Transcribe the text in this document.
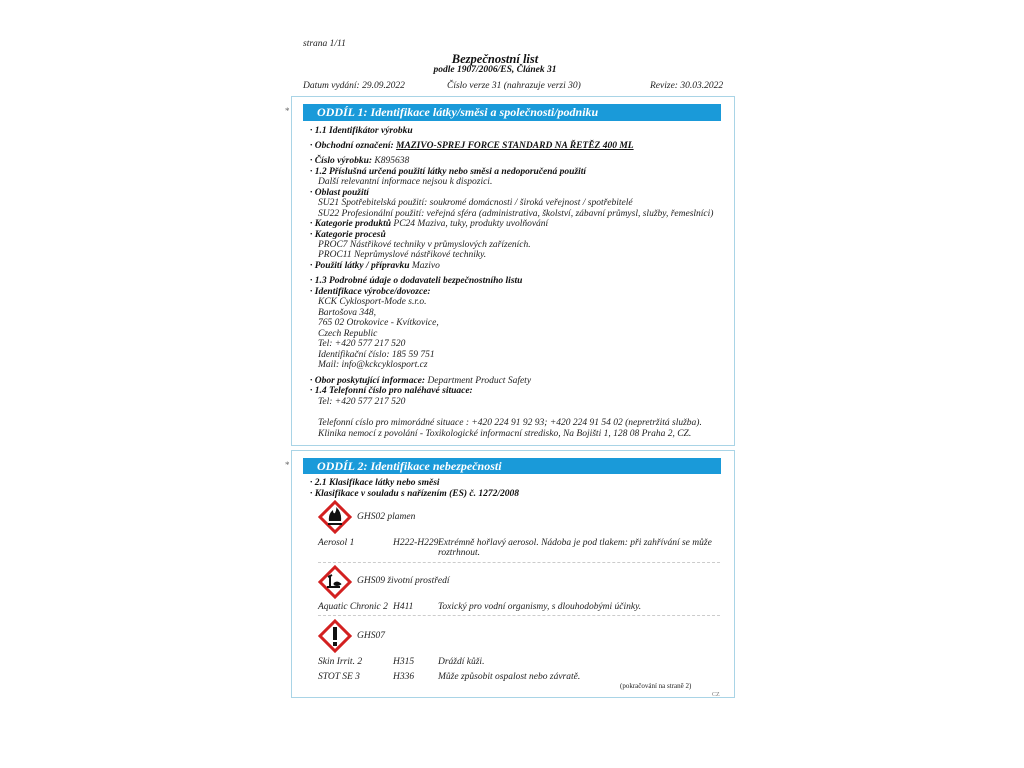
strana 1/11
Bezpečnostní list
podle 1907/2006/ES, Článek 31
Datum vydání: 29.09.2022	Číslo verze 31 (nahrazuje verzi 30)	Revize: 30.03.2022
*	ODDÍL 1: Identifikace látky/směsi a společnosti/podniku
· 1.1 Identifikátor výrobku
· Obchodní označení: MAZIVO-SPREJ FORCE STANDARD NA ŘETĚZ 400 ML
· Číslo výrobku: K895638
· 1.2 Příslušná určená použití látky nebo směsi a nedoporučená použití
Další relevantní informace nejsou k dispozici.
· Oblast použití
SU21 Spotřebitelská použití: soukromé domácnosti / široká veřejnost / spotřebitelé
SU22 Profesionální použití: veřejná sféra (administrativa, školství, zábavní průmysl, služby, řemeslníci)
· Kategorie produktů PC24 Maziva, tuky, produkty uvolňování
· Kategorie procesů
PROC7 Nástřikové techniky v průmyslových zařízeních.
PROC11 Neprůmyslové nástřikové techniky.
· Použití látky / přípravku Mazivo
· 1.3 Podrobné údaje o dodavateli bezpečnostního listu
· Identifikace výrobce/dovozce:
KCK Cyklosport-Mode s.r.o.
Bartošova 348,
765 02 Otrokovice - Kvítkovice,
Czech Republic
Tel: +420 577 217 520
Identifikační číslo: 185 59 751
Mail: info@kckcyklosport.cz
· Obor poskytující informace: Department Product Safety
· 1.4 Telefonní číslo pro naléhavé situace:
Tel: +420 577 217 520
Telefonní císlo pro mimorádné situace : +420 224 91 92 93; +420 224 91 54 02 (nepretržitá služba).
Klinika nemocí z povolání - Toxikologické informacní stredisko, Na Bojišti 1, 128 08 Praha 2, CZ.
*	ODDÍL 2: Identifikace nebezpečnosti
· 2.1 Klasifikace látky nebo směsi
· Klasifikace v souladu s nařízením (ES) č. 1272/2008
GHS02 plamen
Aerosol 1	H222-H229 Extrémně hořlavý aerosol. Nádoba je pod tlakem: při zahřívání se může
roztrhnout.
GHS09 životní prostředí
Aquatic Chronic 2 H411	Toxický pro vodní organismy, s dlouhodobými účinky.
GHS07
Skin Irrit. 2	H315	Dráždí kůži.
STOT SE 3	H336	Může způsobit ospalost nebo závratě.
(pokračování na straně 2)
CZ
